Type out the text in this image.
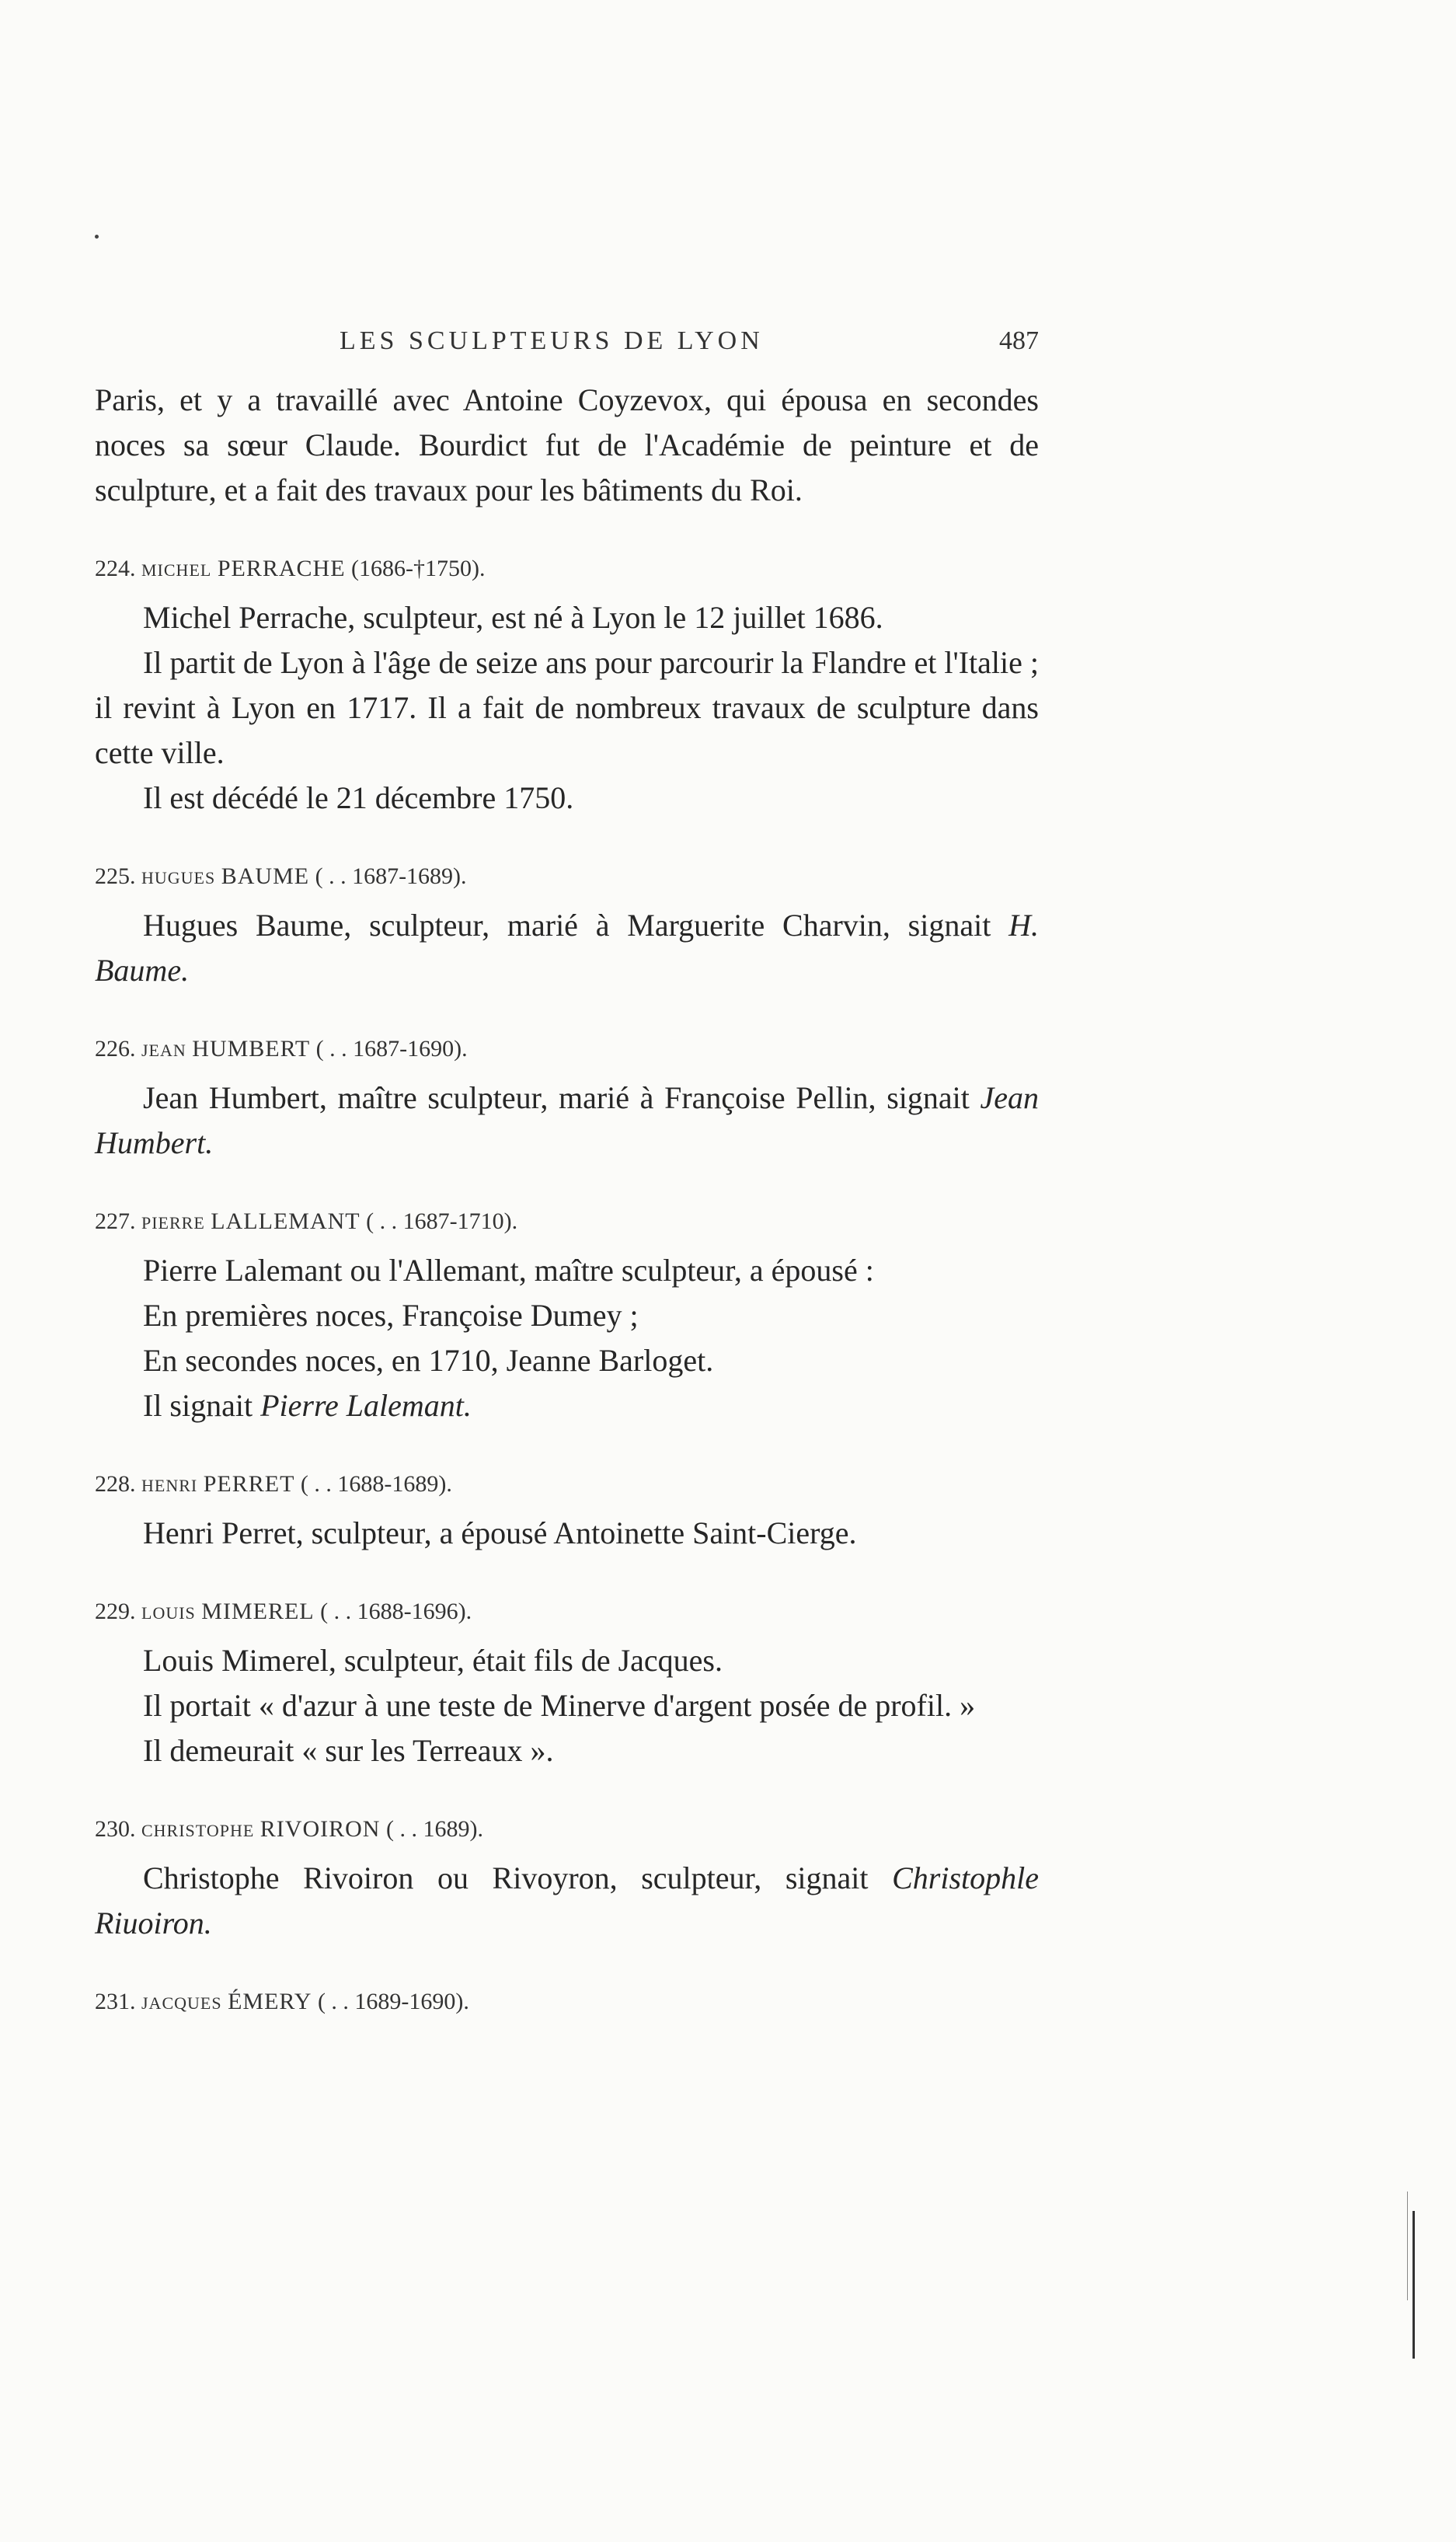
LES SCULPTEURS DE LYON	487

Paris, et y a travaillé avec Antoine Coyzevox, qui épousa en secondes noces sa sœur Claude. Bourdict fut de l'Académie de peinture et de sculpture, et a fait des travaux pour les bâtiments du Roi.

224. MICHEL PERRACHE (1686-†1750).

Michel Perrache, sculpteur, est né à Lyon le 12 juillet 1686.

Il partit de Lyon à l'âge de seize ans pour parcourir la Flandre et l'Italie ; il revint à Lyon en 1717. Il a fait de nombreux travaux de sculpture dans cette ville.

Il est décédé le 21 décembre 1750.

225. HUGUES BAUME ( . . 1687-1689).

Hugues Baume, sculpteur, marié à Marguerite Charvin, signait H. Baume.

226. JEAN HUMBERT ( . . 1687-1690).

Jean Humbert, maître sculpteur, marié à Françoise Pellin, signait Jean Humbert.

227. PIERRE LALLEMANT ( . . 1687-1710).

Pierre Lalemant ou l'Allemant, maître sculpteur, a épousé :

En premières noces, Françoise Dumey ;

En secondes noces, en 1710, Jeanne Barloget.

Il signait Pierre Lalemant.

228. HENRI PERRET ( . . 1688-1689).

Henri Perret, sculpteur, a épousé Antoinette Saint-Cierge.

229. LOUIS MIMEREL ( . . 1688-1696).

Louis Mimerel, sculpteur, était fils de Jacques.

Il portait « d'azur à une teste de Minerve d'argent posée de profil. »

Il demeurait « sur les Terreaux ».

230. CHRISTOPHE RIVOIRON ( . . 1689).

Christophe Rivoiron ou Rivoyron, sculpteur, signait Christophle Riuoiron.

231. JACQUES ÉMERY ( . . 1689-1690).
